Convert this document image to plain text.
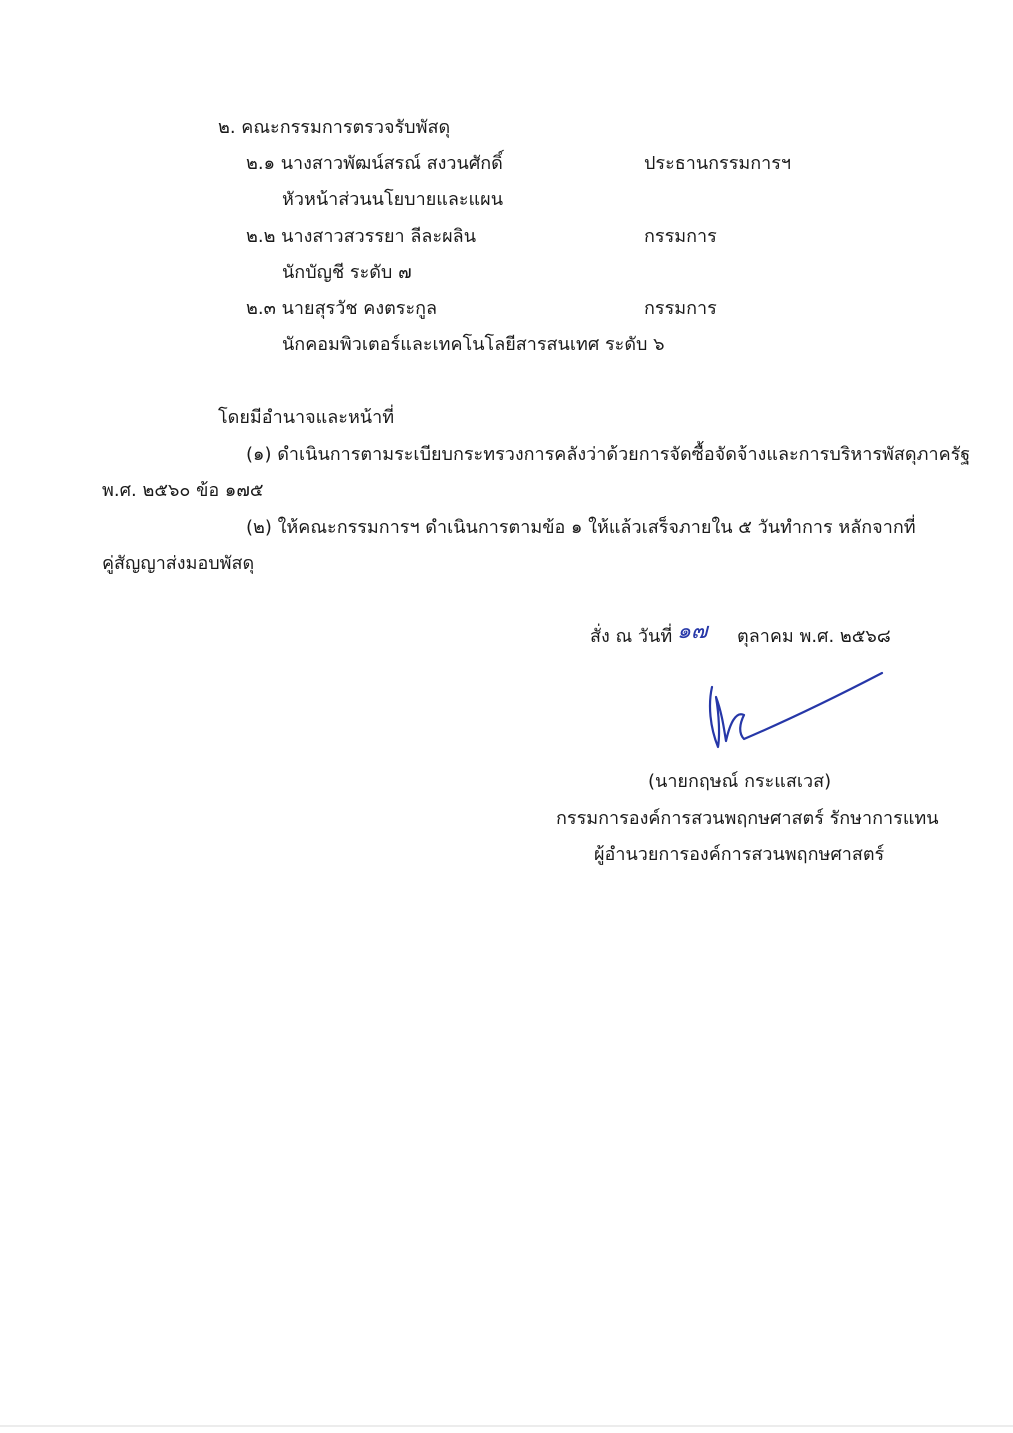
๒. คณะกรรมการตรวจรับพัสดุ
๒.๑ นางสาวพัฒน์สรณ์ สงวนศักดิ์	ประธานกรรมการฯ
หัวหน้าส่วนนโยบายและแผน
๒.๒ นางสาวสวรรยา ลีละผลิน	กรรมการ
นักบัญชี ระดับ ๗
๒.๓ นายสุรวัช คงตระกูล	กรรมการ
นักคอมพิวเตอร์และเทคโนโลยีสารสนเทศ ระดับ ๖
โดยมีอำนาจและหน้าที่
(๑) ดำเนินการตามระเบียบกระทรวงการคลังว่าด้วยการจัดซื้อจัดจ้างและการบริหารพัสดุภาครัฐ
พ.ศ. ๒๕๖๐ ข้อ ๑๗๕
(๒) ให้คณะกรรมการฯ ดำเนินการตามข้อ ๑ ให้แล้วเสร็จภายใน ๕ วันทำการ หลักจากที่
คู่สัญญาส่งมอบพัสดุ
สั่ง ณ วันที่ ๑๗ ตุลาคม พ.ศ. ๒๕๖๘
(นายกฤษณ์ กระแสเวส)
กรรมการองค์การสวนพฤกษศาสตร์ รักษาการแทน
ผู้อำนวยการองค์การสวนพฤกษศาสตร์
